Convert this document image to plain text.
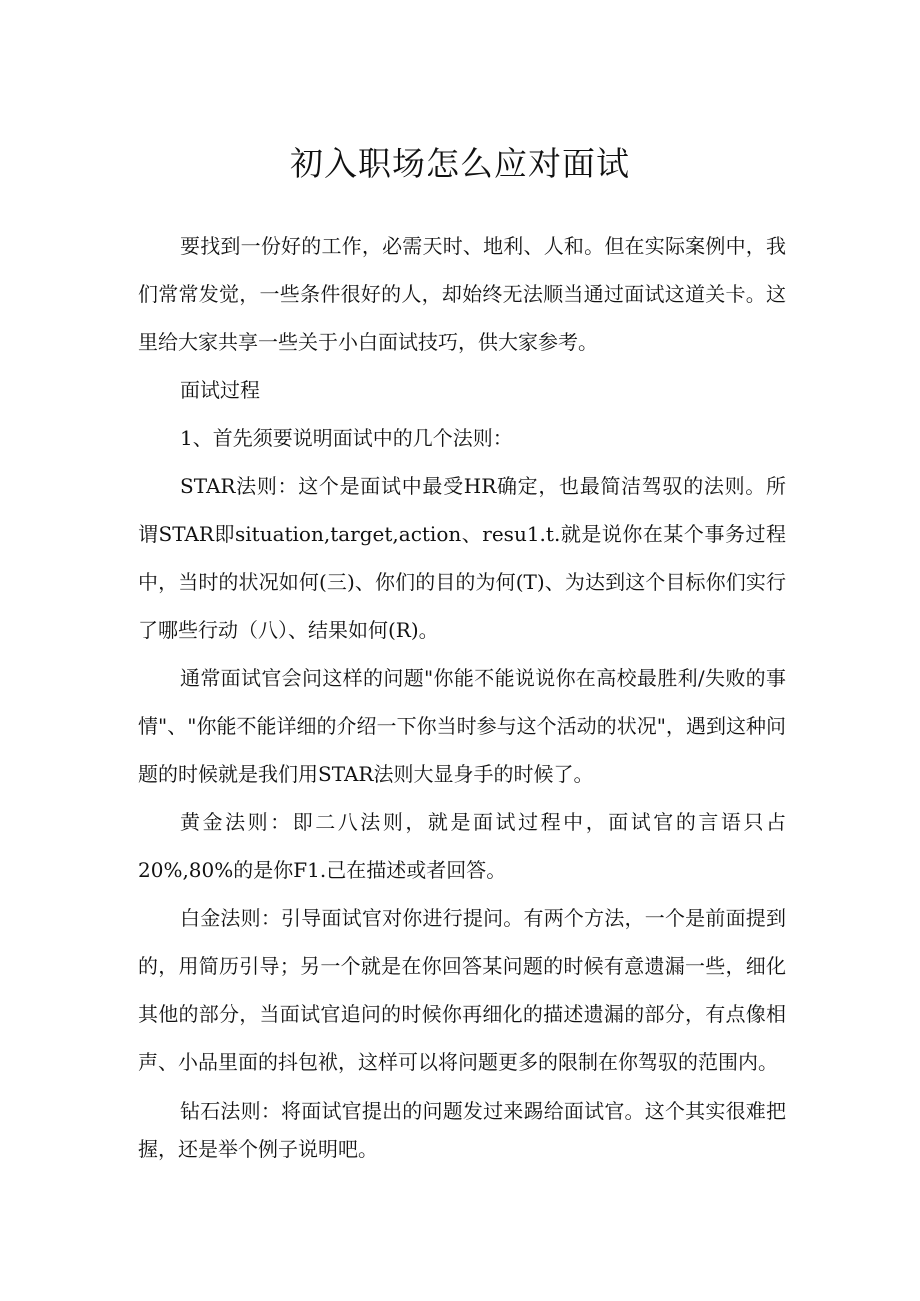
初入职场怎么应对面试

要找到一份好的工作，必需天时、地利、人和。但在实际案例中，我们常常发觉，一些条件很好的人，却始终无法顺当通过面试这道关卡。这里给大家共享一些关于小白面试技巧，供大家参考。

面试过程

1、首先须要说明面试中的几个法则：

STAR法则：这个是面试中最受HR确定，也最简洁驾驭的法则。所谓STAR即situation,target,action、resu1.t.就是说你在某个事务过程中，当时的状况如何(三)、你们的目的为何(T)、为达到这个目标你们实行了哪些行动（八）、结果如何(R)。

通常面试官会问这样的问题"你能不能说说你在高校最胜利/失败的事情"、"你能不能详细的介绍一下你当时参与这个活动的状况"，遇到这种问题的时候就是我们用STAR法则大显身手的时候了。

黄金法则：即二八法则，就是面试过程中，面试官的言语只占20%,80%的是你F1.己在描述或者回答。

白金法则：引导面试官对你进行提问。有两个方法，一个是前面提到的，用简历引导；另一个就是在你回答某问题的时候有意遗漏一些，细化其他的部分，当面试官追问的时候你再细化的描述遗漏的部分，有点像相声、小品里面的抖包袱，这样可以将问题更多的限制在你驾驭的范围内。

钻石法则：将面试官提出的问题发过来踢给面试官。这个其实很难把握，还是举个例子说明吧。
